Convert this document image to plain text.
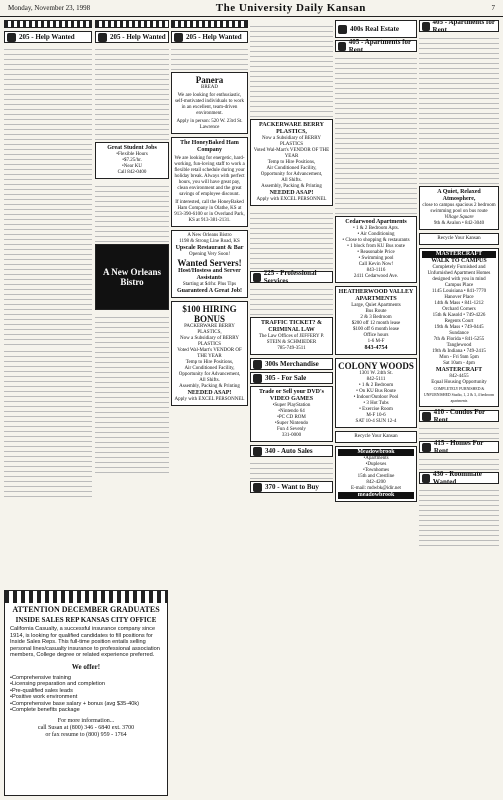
Monday, November 23, 1998	The University Daily Kansan	7
205 - Help Wanted	205 - Help Wanted
Great Student Jobs
•Flexible Hours
•$7.25/hr.
•Near KU
Call 842-0400
A New Orleans Bistro
205 - Help Wanted
Panera
BREAD
We are looking for enthusiastic, self-motivated individuals to work in an excellent, team-driven environment.
Apply in person: 520 W. 23rd St. Lawrence
The HoneyBaked Ham Company
We are looking for energetic, hard-working, fun-loving staff to work a flexible retail schedule during your holiday break. Always with perfect hours, you will have great pay, clean environment and the great savings of employee discount.
If interested, call the HoneyBaked Ham Company in Olathe, KS at 913-390-6100 or in Overland Park, KS at 913-381-2131.
A New Orleans Bistro
1198 & Strong Line Road, KS
Upscale Restaurant & Bar
Opening Very Soon!
Wanted Servers!
Host/Hostess and Server Assistants
Starting at $4/hr. Plus Tips
Guaranteed A Great Job!
$100 HIRING BONUS
PACKERWARE BERRY PLASTICS,
Now a Subsidiary of BERRY PLASTICS
Voted Wal-Mart's VENDOR OF THE YEAR
Temp to Hire Positions,
Air Conditioned Facility,
Opportunity for Advancement,
All Shifts.
Assembly, Packing & Printing
NEEDED ASAP!
Apply with EXCEL PERSONNEL
ATTENTION DECEMBER GRADUATES
INSIDE SALES REP KANSAS CITY OFFICE
California Casualty, a successful insurance company since 1914, is looking for qualified candidates to fill positions for Inside Sales Reps. This full-time position entails selling personal lines/casualty insurance to professional association members, College degree or related experience preferred.
We offer!
•Comprehensive training
•Licensing preparation and completion
•Pre-qualified sales leads
•Positive work environment
•Comprehensive base salary + bonus (avg $35-40k)
•Complete benefits package
For more information...
call Susan at (800) 346 - 6840 ext. 3700
or fax resume to (800) 959 - 1764
PACKERWARE BERRY PLASTICS,
Now a Subsidiary of BERRY PLASTICS
Voted Wal-Mart's VENDOR OF THE YEAR
Temp to Hire Positions,
Air Conditioned Facility,
Opportunity for Advancement,
All Shifts.
Assembly, Packing & Printing
NEEDED ASAP!
Apply with EXCEL PERSONNEL
225 - Professional Services
TRAFFIC TICKET? & CRIMINAL LAW
The Law Offices of JEFFERY P. STEIN & SCHMIEDER
785-749-3511
300s Merchandise
305 - For Sale
Trade or Sell your DVD's
VIDEO GAMES
•Super PlayStation
•Nintendo 64
•PC CD ROM
•Super Nintendo
Fun 4 Sevenly
331-0000
340 - Auto Sales
370 - Want to Buy
400s Real Estate
405 - Apartments for Rent
Cedarwood Apartments
• 1 & 2 Bedroom Apts.
• Air Conditioning
• Close to shopping & restaurants
• 1 block from KU Bus route
• Reasonable Price
• Swimming pool
Call Kevin Now!
843-1116
2411 Cedarwood Ave.
HEATHERWOOD VALLEY APARTMENTS
Large, Quiet Apartments
Bus Route
2 & 3 Bedroom
$200 off 12 month lease
$100 off 6 month lease
Office hours
1-6 M-F
843-4754
COLONY WOODS
1301 W. 24th St.
842-5111
• 1 & 2 Bedroom
• On KU Bus Route
• Indoor/Outdoor Pool
• 3 Hot Tubs
• Exercise Room
M-F 10-6
SAT 10-4 SUN 12-4
Recycle Your Kansan
Meadowbrook
•Apartments
•Duplexes
•Townhomes
15th and Crestline
842-4200
E-mail: mdwbk@idir.net
meadowbrook
405 - Apartments for Rent
A Quiet, Relaxed Atmosphere,
close to campus spacious 2 bedroom swimming pool on bus route
Village Square
9th & Avalon • 842-3040
Recycle Your Kansan
MASTERCRAFT
WALK TO CAMPUS
Completely Furnished and Unfurnished Apartment Homes designed with you in mind
Campus Place
1145 Louisiana • 841-7770
Hanover Place
14th & Mass • 841-1212
Orchard Corners
15th & Kasold • 749-4226
Regents Court
19th & Mass • 749-0445
Sundance
7th & Florida • 841-5255
Tanglewood
19th & Indiana • 749-2415
Mon - Fri 9am 5pm
Sat 10am - 4pm
MASTERCRAFT
842-4455
Equal Housing Opportunity
COMPLETELY FURNISHED & UNFURNISHED Studio, 1, 2 & 3, 4 bedroom apartments
410 - Condos For Rent
415 - Homes For Rent
430 - Roommate Wanted
